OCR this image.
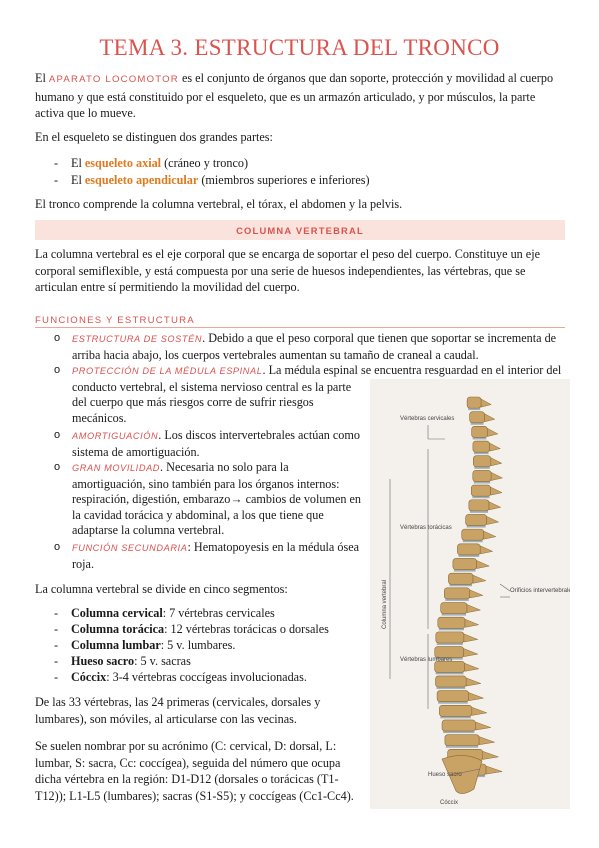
TEMA 3. ESTRUCTURA DEL TRONCO
El APARATO LOCOMOTOR es el conjunto de órganos que dan soporte, protección y movilidad al cuerpo humano y que está constituido por el esqueleto, que es un armazón articulado, y por músculos, la parte activa que lo mueve.
En el esqueleto se distinguen dos grandes partes:
- El esqueleto axial (cráneo y tronco)
- El esqueleto apendicular (miembros superiores e inferiores)
El tronco comprende la columna vertebral, el tórax, el abdomen y la pelvis.
COLUMNA VERTEBRAL
La columna vertebral es el eje corporal que se encarga de soportar el peso del cuerpo. Constituye un eje corporal semiflexible, y está compuesta por una serie de huesos independientes, las vértebras, que se articulan entre sí permitiendo la movilidad del cuerpo.
FUNCIONES Y ESTRUCTURA
o ESTRUCTURA DE SOSTÉN. Debido a que el peso corporal que tienen que soportar se incrementa de
arriba hacia abajo, los cuerpos vertebrales aumentan su tamaño de craneal a caudal.
o PROTECCIÓN DE LA MÉDULA ESPINAL. La médula espinal se encuentra resguardad en el interior del
conducto vertebral, el sistema nervioso central es la parte
del cuerpo que más riesgos corre de sufrir riesgos
mecánicos.
o AMORTIGUACIÓN. Los discos intervertebrales actúan como
sistema de amortiguación.
o GRAN MOVILIDAD. Necesaria no solo para la
amortiguación, sino también para los órganos internos:
respiración, digestión, embarazo→ cambios de volumen en
la cavidad torácica y abdominal, a los que tiene que
adaptarse la columna vertebral.
o FUNCIÓN SECUNDARIA: Hematopoyesis en la médula ósea
roja.
La columna vertebral se divide en cinco segmentos:
- Columna cervical: 7 vértebras cervicales
- Columna torácica: 12 vértebras torácicas o dorsales
- Columna lumbar: 5 v. lumbares.
- Hueso sacro: 5 v. sacras
- Cóccix: 3-4 vértebras coccígeas involucionadas.
De las 33 vértebras, las 24 primeras (cervicales, dorsales y
lumbares), son móviles, al articularse con las vecinas.
Se suelen nombrar por su acrónimo (C: cervical, D: dorsal, L:
lumbar, S: sacra, Cc: coccígea), seguida del número que ocupa
dicha vértebra en la región: D1-D12 (dorsales o torácicas (T1-
T12)); L1-L5 (lumbares); sacras (S1-S5); y coccígeas (Cc1-Cc4).
Vértebras cervicales
Vértebras torácicas
Orificios intervertebrales
Vértebras lumbares
Columna vertebral
Hueso sacro
Cóccix
